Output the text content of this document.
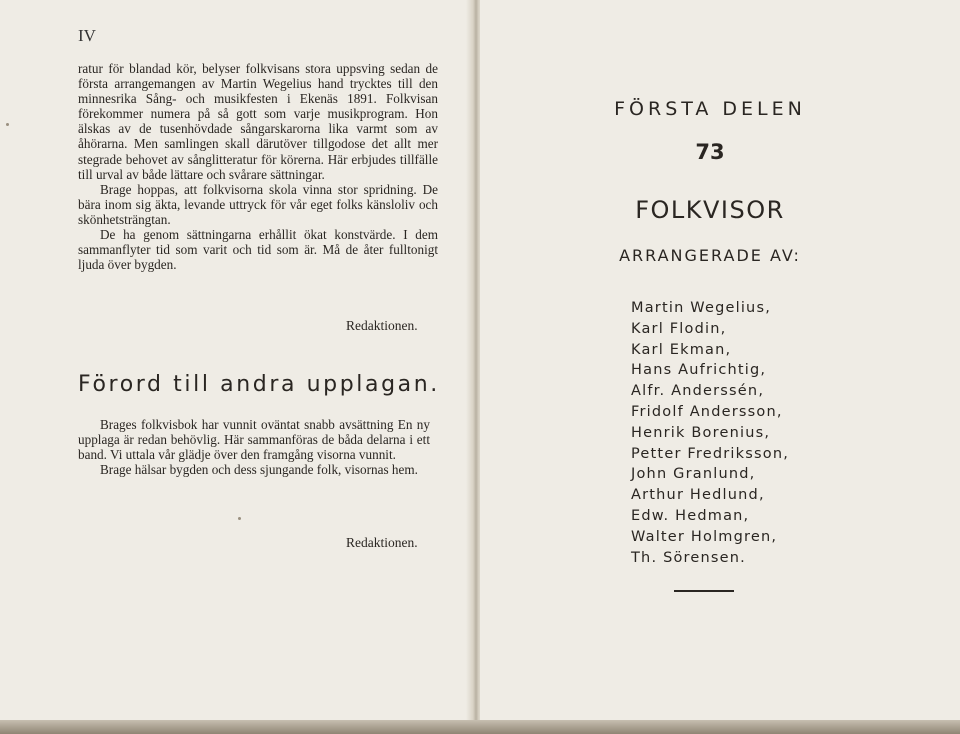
IV

ratur för blandad kör, belyser folkvisans stora uppsving sedan de första arrangemangen av Martin Wegelius hand trycktes till den minnesrika Sång- och musikfesten i Ekenäs 1891. Folkvisan förekommer numera på så gott som varje musikprogram. Hon älskas av de tusenhövdade sångarskarorna lika varmt som av åhörarna. Men samlingen skall därutöver tillgodose det allt mer stegrade behovet av sånglitteratur för körerna. Här erbjudes tillfälle till urval av både lättare och svårare sättningar.

Brage hoppas, att folkvisorna skola vinna stor spridning. De bära inom sig äkta, levande uttryck för vår eget folks känsloliv och skönhetsträngtan.

De ha genom sättningarna erhållit ökat konstvärde. I dem sammanflyter tid som varit och tid som är. Må de åter fulltonigt ljuda över bygden.

Redaktionen.
Förord till andra upplagan.

Brages folkvisbok har vunnit oväntat snabb avsättning En ny upplaga är redan behövlig. Här sammanföras de båda delarna i ett band. Vi uttala vår glädje över den framgång visorna vunnit.

Brage hälsar bygden och dess sjungande folk, visornas hem.

Redaktionen.
FÖRSTA DELEN
73
FOLKVISOR
ARRANGERADE AV:
Martin Wegelius,
Karl Flodin,
Karl Ekman,
Hans Aufrichtig,
Alfr. Anderssén,
Fridolf Andersson,
Henrik Borenius,
Petter Fredriksson,
John Granlund,
Arthur Hedlund,
Edw. Hedman,
Walter Holmgren,
Th. Sörensen.
